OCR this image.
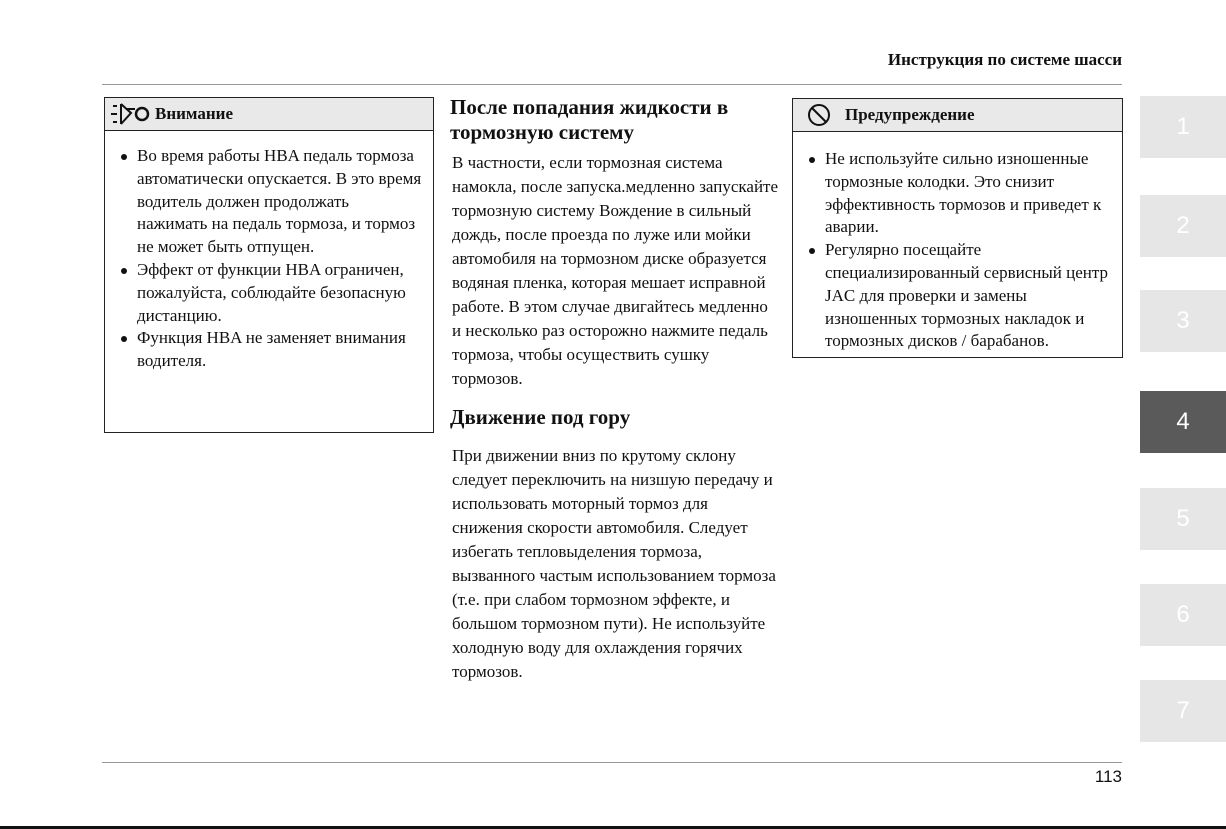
Инструкция по системе шасси
Внимание
Во время работы HBA педаль тормоза автоматически опускается. В это время водитель должен продолжать нажимать на педаль тормоза, и тормоз не может быть отпущен.
Эффект от функции HBA ограничен, пожалуйста, соблюдайте безопасную дистанцию.
Функция HBA не заменяет внимания водителя.
После попадания жидкости в тормозную систему

В частности, если тормозная система намокла, после запуска.медленно запускайте тормозную систему Вождение в сильный дождь, после проезда по луже или мойки автомобиля на тормозном диске образуется водяная пленка, которая мешает исправной работе. В этом случае двигайтесь медленно и несколько раз осторожно нажмите педаль тормоза, чтобы осуществить сушку тормозов.

Движение под гору

При движении вниз по крутому склону следует переключить на низшую передачу и использовать моторный тормоз для снижения скорости автомобиля. Следует избегать тепловыделения тормоза, вызванного частым использованием тормоза (т.е. при слабом тормозном эффекте, и большом тормозном пути). Не используйте холодную воду для охлаждения горячих тормозов.

Предупреждение
Не используйте сильно изношенные тормозные колодки. Это снизит эффективность тормозов и приведет к аварии.
Регулярно посещайте специализированный сервисный центр JAC для проверки и замены изношенных тормозных накладок и тормозных дисков / барабанов.
1
2
3
4
5
6
7
113
